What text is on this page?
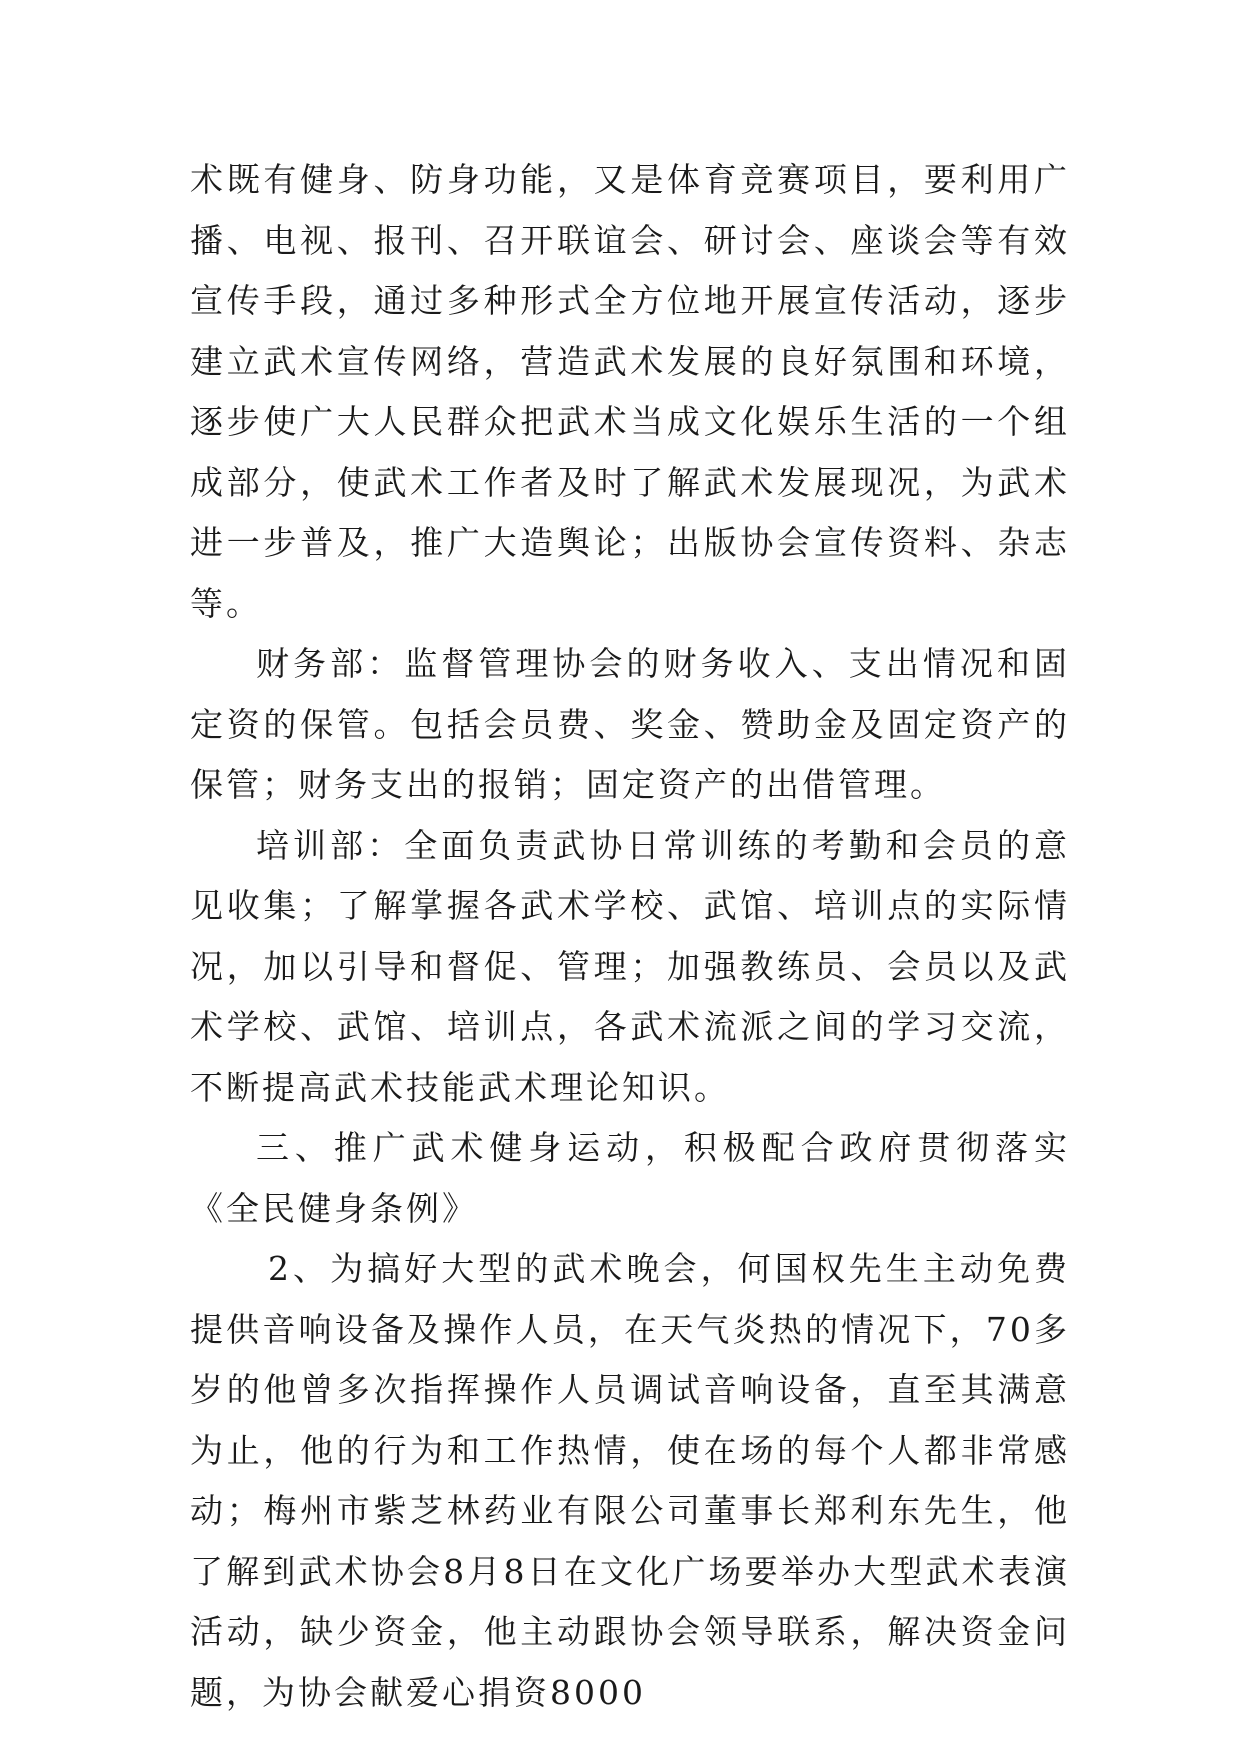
术既有健身、防身功能，又是体育竞赛项目，要利用广播、电视、报刊、召开联谊会、研讨会、座谈会等有效宣传手段，通过多种形式全方位地开展宣传活动，逐步建立武术宣传网络，营造武术发展的良好氛围和环境，逐步使广大人民群众把武术当成文化娱乐生活的一个组成部分，使武术工作者及时了解武术发展现况，为武术进一步普及，推广大造舆论；出版协会宣传资料、杂志等。

财务部：监督管理协会的财务收入、支出情况和固定资的保管。包括会员费、奖金、赞助金及固定资产的保管；财务支出的报销；固定资产的出借管理。

培训部：全面负责武协日常训练的考勤和会员的意见收集；了解掌握各武术学校、武馆、培训点的实际情况，加以引导和督促、管理；加强教练员、会员以及武术学校、武馆、培训点，各武术流派之间的学习交流，不断提高武术技能武术理论知识。

三、推广武术健身运动，积极配合政府贯彻落实《全民健身条例》

2、为搞好大型的武术晚会，何国权先生主动免费提供音响设备及操作人员，在天气炎热的情况下，70多岁的他曾多次指挥操作人员调试音响设备，直至其满意为止，他的行为和工作热情，使在场的每个人都非常感动；梅州市紫芝林药业有限公司董事长郑利东先生，他了解到武术协会8月8日在文化广场要举办大型武术表演活动，缺少资金，他主动跟协会领导联系，解决资金问题，为协会献爱心捐资8000
